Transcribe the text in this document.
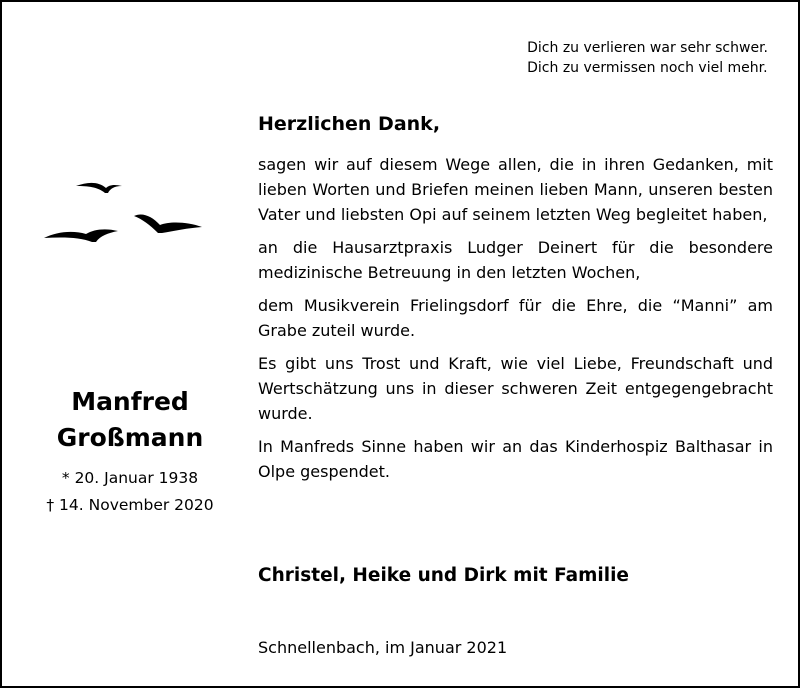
Dich zu verlieren war sehr schwer.
Dich zu vermissen noch viel mehr.
Manfred
Großmann
* 20. Januar 1938
† 14. November 2020
Herzlichen Dank,
sagen wir auf diesem Wege allen, die in ihren Gedanken, mit lieben Worten und Briefen meinen lieben Mann, unseren besten Vater und liebsten Opi auf seinem letzten Weg begleitet haben,
an die Hausarztpraxis Ludger Deinert für die besondere medizinische Betreuung in den letzten Wochen,
dem Musikverein Frielingsdorf für die Ehre, die “Manni” am Grabe zuteil wurde.
Es gibt uns Trost und Kraft, wie viel Liebe, Freundschaft und Wertschätzung uns in dieser schweren Zeit entgegengebracht wurde.
In Manfreds Sinne haben wir an das Kinderhospiz Balthasar in Olpe gespendet.
Christel, Heike und Dirk mit Familie
Schnellenbach, im Januar 2021
